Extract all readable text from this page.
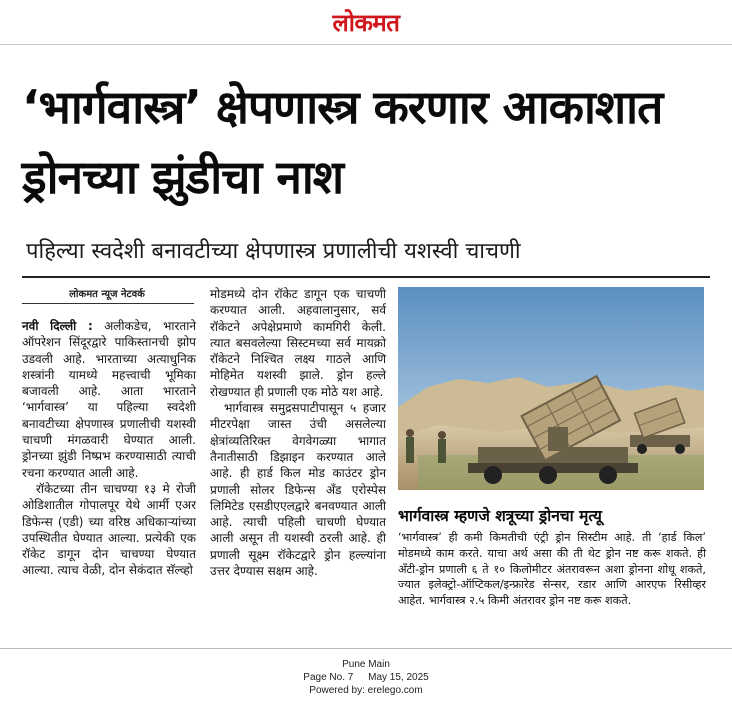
लोकमत
‘भार्गवास्त्र’ क्षेपणास्त्र करणार आकाशात ड्रोनच्या झुंडीचा नाश
पहिल्या स्वदेशी बनावटीच्या क्षेपणास्त्र प्रणालीची यशस्वी चाचणी
लोकमत न्यूज नेटवर्क

नवी दिल्ली : अलीकडेच, भारताने ऑपरेशन सिंदूरद्वारे पाकिस्तानची झोप उडवली आहे. भारताच्या अत्याधुनिक शस्त्रांनी यामध्ये महत्त्वाची भूमिका बजावली आहे. आता भारताने ‘भार्गवास्त्र’ या पहिल्या स्वदेशी बनावटीच्या क्षेपणास्त्र प्रणालीची यशस्वी चाचणी मंगळवारी घेण्यात आली. ड्रोनच्या झुंडी निष्प्रभ करण्यासाठी त्याची रचना करण्यात आली आहे.

रॉकेटच्या तीन चाचण्या १३ मे रोजी ओडिशातील गोपालपूर येथे आर्मी एअर डिफेन्स (एडी) च्या वरिष्ठ अधिकाऱ्यांच्या उपस्थितीत घेण्यात आल्या. प्रत्येकी एक रॉकेट डागून दोन चाचण्या घेण्यात आल्या. त्याच वेळी, दोन सेकंदात सॅल्व्हो

मोडमध्ये दोन रॉकेट डागून एक चाचणी करण्यात आली. अहवालानुसार, सर्व रॉकेटने अपेक्षेप्रमाणे कामगिरी केली. त्यात बसवलेल्या सिस्टमच्या सर्व मायक्रो रॉकेटने निश्चित लक्ष्य गाठले आणि मोहिमेत यशस्वी झाले. ड्रोन हल्ले रोखण्यात ही प्रणाली एक मोठे यश आहे.

भार्गवास्त्र समुद्रसपाटीपासून ५ हजार मीटरपेक्षा जास्त उंची असलेल्या क्षेत्रांव्यतिरिक्त वेगवेगळ्या भागात तैनातीसाठी डिझाइन करण्यात आले आहे. ही हार्ड किल मोड काउंटर ड्रोन प्रणाली सोलर डिफेन्स अँड एरोस्पेस लिमिटेड एसडीएएलद्वारे बनवण्यात आली आहे. त्याची पहिली चाचणी घेण्यात आली असून ती यशस्वी ठरली आहे. ही प्रणाली सूक्ष्म रॉकेटद्वारे ड्रोन हल्ल्यांना उत्तर देण्यास सक्षम आहे.

भार्गवास्त्र म्हणजे शत्रूच्या ड्रोनचा मृत्यू

‘भार्गवास्त्र’ ही कमी किमतीची एंट्री ड्रोन सिस्टीम आहे. ती ‘हार्ड किल’ मोडमध्ये काम करते. याचा अर्थ असा की ती थेट ड्रोन नष्ट करू शकते. ही अँटी-ड्रोन प्रणाली ६ ते १० किलोमीटर अंतरावरून अशा ड्रोनना शोधू शकते, ज्यात इलेक्ट्रो-ऑप्टिकल/इन्फ्रारेड सेन्सर, रडार आणि आरएफ रिसीव्हर आहेत. भार्गवास्त्र २.५ किमी अंतरावर ड्रोन नष्ट करू शकते.

Pune Main
Page No. 7 May 15, 2025
Powered by: erelego.com
